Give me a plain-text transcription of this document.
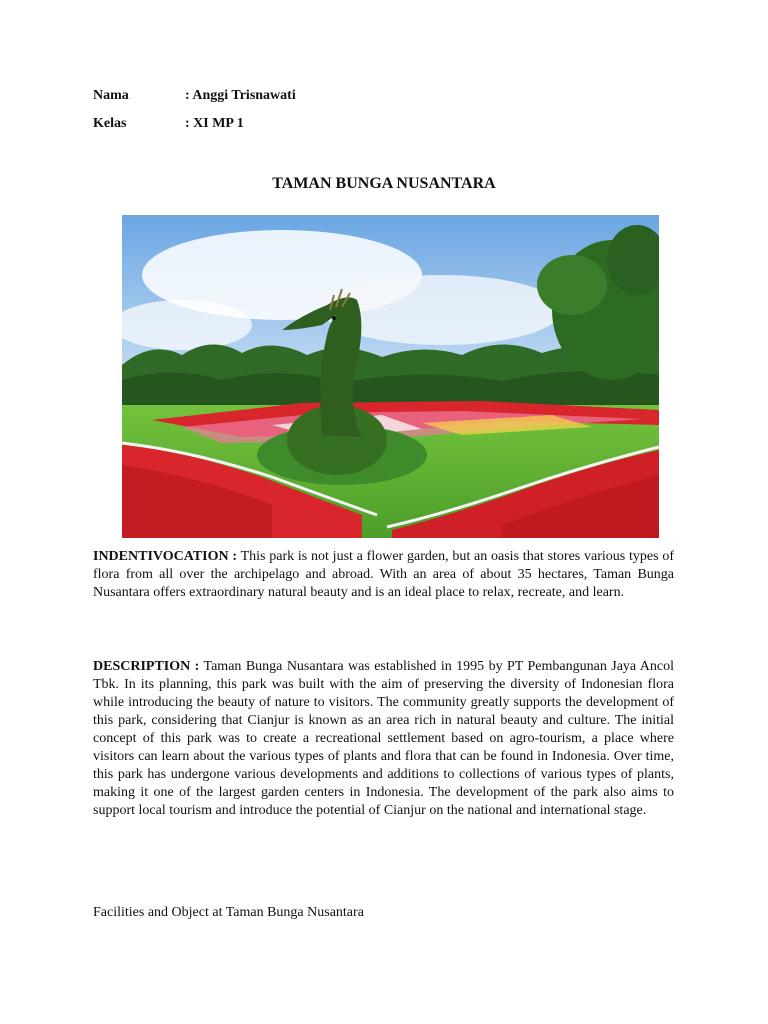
Nama	: Anggi Trisnawati
Kelas	: XI MP 1
TAMAN BUNGA NUSANTARA
INDENTIVOCATION : This park is not just a flower garden, but an oasis that stores various types of flora from all over the archipelago and abroad. With an area of about 35 hectares, Taman Bunga Nusantara offers extraordinary natural beauty and is an ideal place to relax, recreate, and learn.
DESCRIPTION : Taman Bunga Nusantara was established in 1995 by PT Pembangunan Jaya Ancol Tbk. In its planning, this park was built with the aim of preserving the diversity of Indonesian flora while introducing the beauty of nature to visitors. The community greatly supports the development of this park, considering that Cianjur is known as an area rich in natural beauty and culture. The initial concept of this park was to create a recreational settlement based on agro-tourism, a place where visitors can learn about the various types of plants and flora that can be found in Indonesia. Over time, this park has undergone various developments and additions to collections of various types of plants, making it one of the largest garden centers in Indonesia. The development of the park also aims to support local tourism and introduce the potential of Cianjur on the national and international stage.
Facilities and Object at Taman Bunga Nusantara
